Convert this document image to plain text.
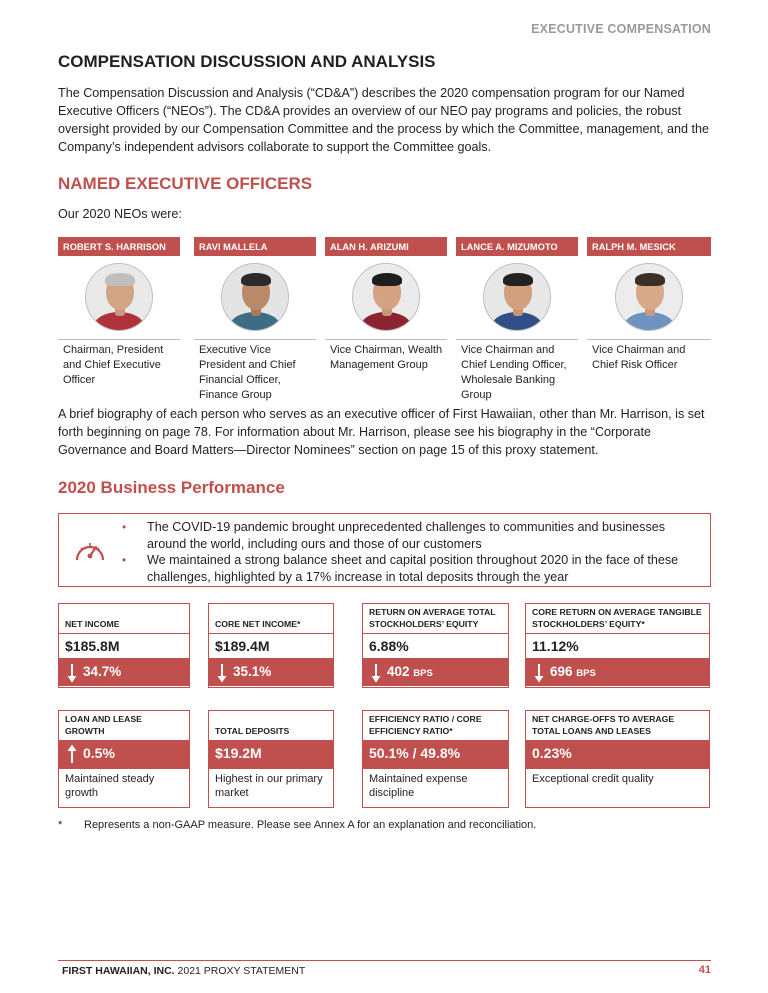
EXECUTIVE COMPENSATION
COMPENSATION DISCUSSION AND ANALYSIS

The Compensation Discussion and Analysis (“CD&A”) describes the 2020 compensation program for our Named Executive Officers (“NEOs”). The CD&A provides an overview of our NEO pay programs and policies, the robust oversight provided by our Compensation Committee and the process by which the Committee, management, and the Company’s independent advisors collaborate to support the Committee goals.

NAMED EXECUTIVE OFFICERS

Our 2020 NEOs were:

ROBERT S. HARRISON
Chairman, President and Chief Executive Officer
RAVI MALLELA
Executive Vice President and Chief Financial Officer, Finance Group
ALAN H. ARIZUMI
Vice Chairman, Wealth Management Group
LANCE A. MIZUMOTO
Vice Chairman and Chief Lending Officer, Wholesale Banking Group
RALPH M. MESICK
Vice Chairman and Chief Risk Officer

A brief biography of each person who serves as an executive officer of First Hawaiian, other than Mr. Harrison, is set forth beginning on page 78. For information about Mr. Harrison, please see his biography in the “Corporate Governance and Board Matters—Director Nominees” section on page 15 of this proxy statement.

2020 Business Performance
• The COVID-19 pandemic brought unprecedented challenges to communities and businesses around the world, including ours and those of our customers
• We maintained a strong balance sheet and capital position throughout 2020 in the face of these challenges, highlighted by a 17% increase in total deposits through the year
NET INCOME
$185.8M
34.7%
CORE NET INCOME*
$189.4M
35.1%
RETURN ON AVERAGE TOTAL STOCKHOLDERS’ EQUITY
6.88%
402 BPS
CORE RETURN ON AVERAGE TANGIBLE STOCKHOLDERS’ EQUITY*
11.12%
696 BPS
LOAN AND LEASE GROWTH
0.5%
Maintained steady growth
TOTAL DEPOSITS
$19.2M
Highest in our primary market
EFFICIENCY RATIO / CORE EFFICIENCY RATIO*
50.1% / 49.8%
Maintained expense discipline
NET CHARGE-OFFS TO AVERAGE TOTAL LOANS AND LEASES
0.23%
Exceptional credit quality

* Represents a non-GAAP measure. Please see Annex A for an explanation and reconciliation.

FIRST HAWAIIAN, INC. 2021 PROXY STATEMENT	41
